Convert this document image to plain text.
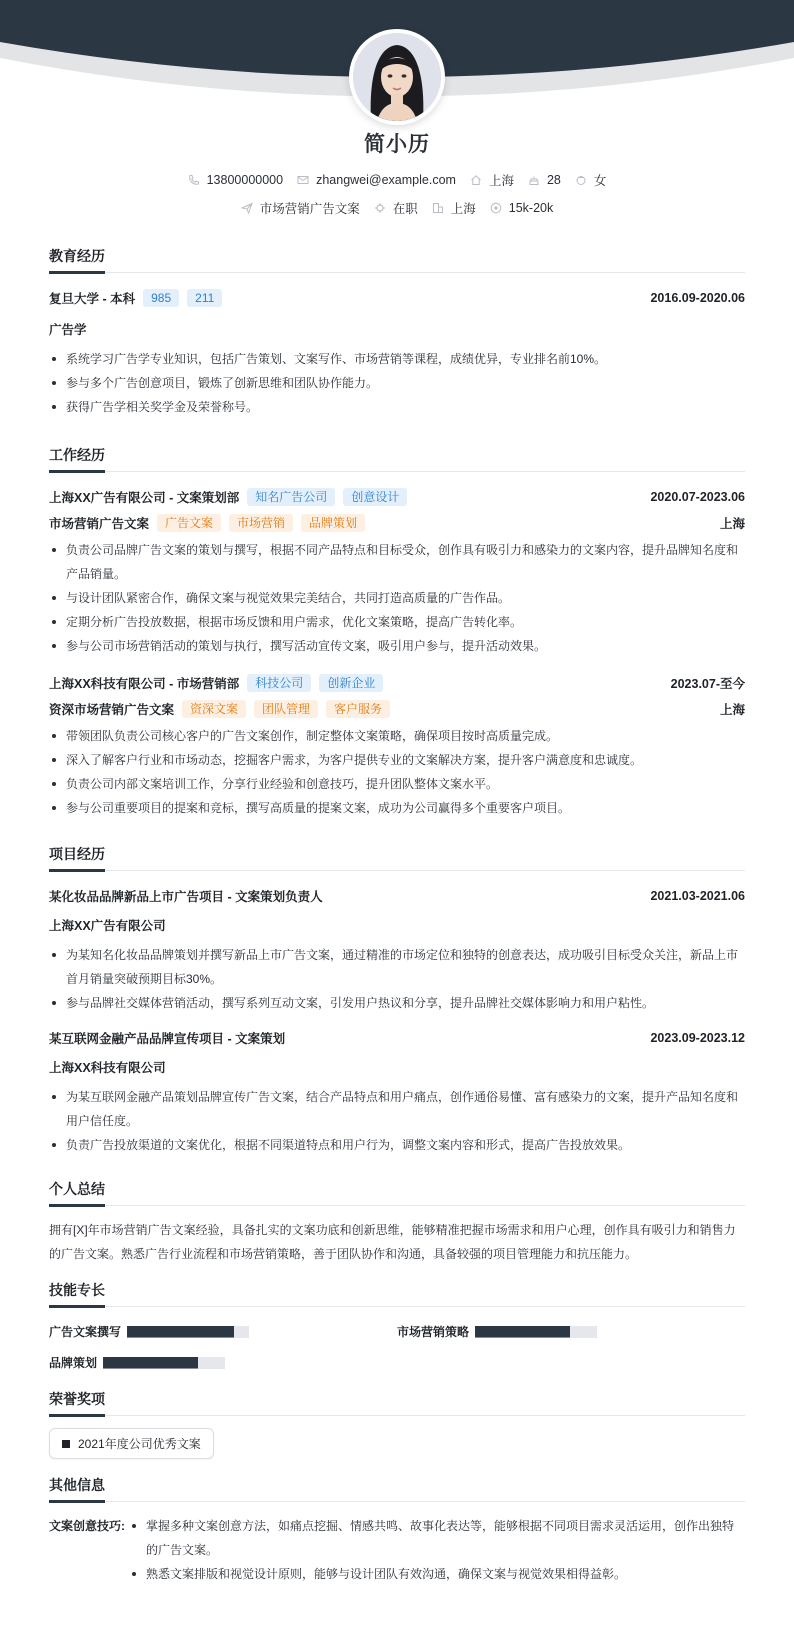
简小历
13800000000	zhangwei@example.com	上海	28	女
市场营销广告文案	在职	上海	15k-20k
教育经历
复旦大学 - 本科	985	211	2016.09-2020.06
广告学
系统学习广告学专业知识，包括广告策划、文案写作、市场营销等课程，成绩优异，专业排名前10%。
参与多个广告创意项目，锻炼了创新思维和团队协作能力。
获得广告学相关奖学金及荣誉称号。
工作经历
上海XX广告有限公司 - 文案策划部	知名广告公司	创意设计	2020.07-2023.06
市场营销广告文案	广告文案	市场营销	品牌策划	上海
负责公司品牌广告文案的策划与撰写，根据不同产品特点和目标受众，创作具有吸引力和感染力的文案内容，提升品牌知名度和产品销量。
与设计团队紧密合作，确保文案与视觉效果完美结合，共同打造高质量的广告作品。
定期分析广告投放数据，根据市场反馈和用户需求，优化文案策略，提高广告转化率。
参与公司市场营销活动的策划与执行，撰写活动宣传文案，吸引用户参与，提升活动效果。
上海XX科技有限公司 - 市场营销部	科技公司	创新企业	2023.07-至今
资深市场营销广告文案	资深文案	团队管理	客户服务	上海
带领团队负责公司核心客户的广告文案创作，制定整体文案策略，确保项目按时高质量完成。
深入了解客户行业和市场动态，挖掘客户需求，为客户提供专业的文案解决方案，提升客户满意度和忠诚度。
负责公司内部文案培训工作，分享行业经验和创意技巧，提升团队整体文案水平。
参与公司重要项目的提案和竞标，撰写高质量的提案文案，成功为公司赢得多个重要客户项目。
项目经历
某化妆品品牌新品上市广告项目 - 文案策划负责人	2021.03-2021.06
上海XX广告有限公司
为某知名化妆品品牌策划并撰写新品上市广告文案，通过精准的市场定位和独特的创意表达，成功吸引目标受众关注，新品上市首月销量突破预期目标30%。
参与品牌社交媒体营销活动，撰写系列互动文案，引发用户热议和分享，提升品牌社交媒体影响力和用户粘性。
某互联网金融产品品牌宣传项目 - 文案策划	2023.09-2023.12
上海XX科技有限公司
为某互联网金融产品策划品牌宣传广告文案，结合产品特点和用户痛点，创作通俗易懂、富有感染力的文案，提升产品知名度和用户信任度。
负责广告投放渠道的文案优化，根据不同渠道特点和用户行为，调整文案内容和形式，提高广告投放效果。
个人总结

拥有[X]年市场营销广告文案经验，具备扎实的文案功底和创新思维，能够精准把握市场需求和用户心理，创作具有吸引力和销售力的广告文案。熟悉广告行业流程和市场营销策略，善于团队协作和沟通，具备较强的项目管理能力和抗压能力。

技能专长
广告文案撰写	市场营销策略
品牌策划
荣誉奖项
2021年度公司优秀文案
其他信息
文案创意技巧:	掌握多种文案创意方法，如痛点挖掘、情感共鸣、故事化表达等，能够根据不同项目需求灵活运用，创作出独特的广告文案。
熟悉文案排版和视觉设计原则，能够与设计团队有效沟通，确保文案与视觉效果相得益彰。
